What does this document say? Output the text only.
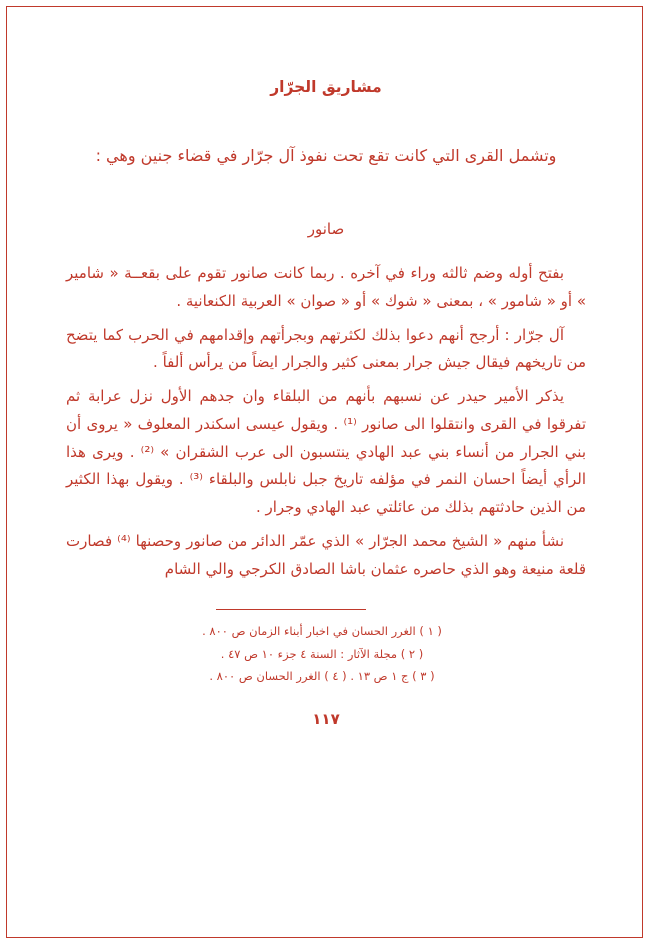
مشاريق الجرّار

وتشمل القرى التي كانت تقع تحت نفوذ آل جرّار في قضاء جنين وهي :

صانور

بفتح أوله وضم ثالثه وراء في آخره . ربما كانت صانور تقوم على بقعــة « شامير » أو « شامور » ، بمعنى « شوك » أو « صوان » العربية الكنعانية .

آل جرّار : أرجح أنهم دعوا بذلك لكثرتهم وبجرأتهم وإقدامهم في الحرب كما يتضح من تاريخهم فيقال جيش جرار بمعنى كثير والجرار ايضاً من يرأس ألفاً .

يذكر الأمير حيدر عن نسبهم بأنهم من البلقاء وان جدهم الأول نزل عرابة ثم تفرقوا في القرى وانتقلوا الى صانور ⁽¹⁾ . ويقول عيسى اسكندر المعلوف « يروى أن بني الجرار من أنساء بني عبد الهادي ينتسبون الى عرب الشقران » ⁽²⁾ . ويرى هذا الرأي أيضاً احسان النمر في مؤلفه تاريخ جبل نابلس والبلقاء ⁽³⁾ . ويقول بهذا الكثير من الذين حادثتهم بذلك من عائلتي عبد الهادي وجرار .

نشأ منهم « الشيخ محمد الجرّار » الذي عمّر الدائر من صانور وحصنها ⁽⁴⁾ فصارت قلعة منيعة وهو الذي حاصره عثمان باشا الصادق الكرجي والي الشام

( ١ ) الغرر الحسان في اخبار أبناء الزمان ص ٨٠٠ .
( ٢ ) مجلة الآثار : السنة ٤ جزء ١٠ ص ٤٧ .
( ٣ ) ج ١ ص ١٣ . ( ٤ ) الغرر الحسان ص ٨٠٠ .
١١٧
